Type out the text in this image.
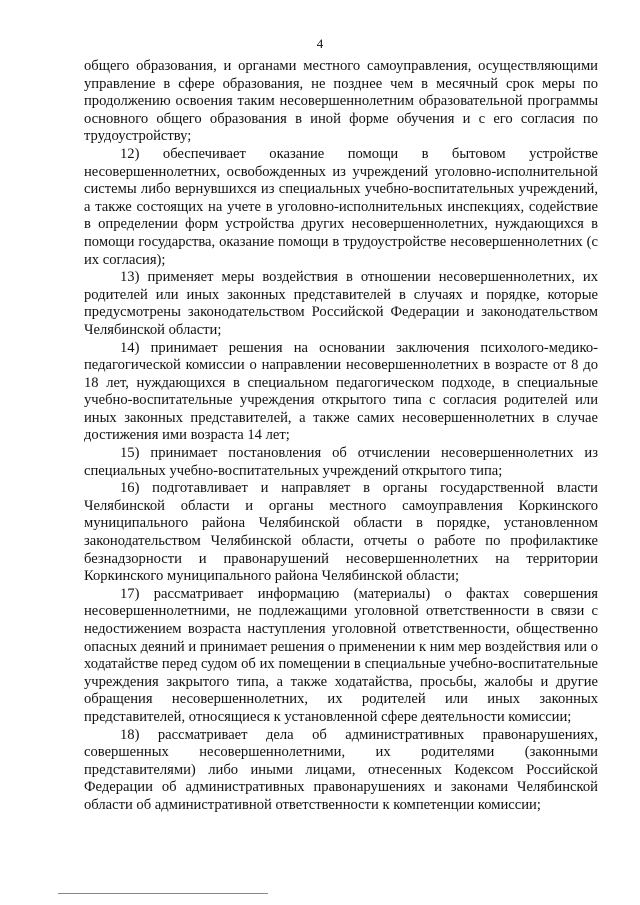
4

общего образования, и органами местного самоуправления, осуществляющими управление в сфере образования, не позднее чем в месячный срок меры по продолжению освоения таким несовершеннолетним образовательной программы основного общего образования в иной форме обучения и с его согласия по трудоустройству;

12) обеспечивает оказание помощи в бытовом устройстве несовершеннолетних, освобожденных из учреждений уголовно-исполнительной системы либо вернувшихся из специальных учебно-воспитательных учреждений, а также состоящих на учете в уголовно-исполнительных инспекциях, содействие в определении форм устройства других несовершеннолетних, нуждающихся в помощи государства, оказание помощи в трудоустройстве несовершеннолетних (с их согласия);

13) применяет меры воздействия в отношении несовершеннолетних, их родителей или иных законных представителей в случаях и порядке, которые предусмотрены законодательством Российской Федерации и законодательством Челябинской области;

14) принимает решения на основании заключения психолого-медико-педагогической комиссии о направлении несовершеннолетних в возрасте от 8 до 18 лет, нуждающихся в специальном педагогическом подходе, в специальные учебно-воспитательные учреждения открытого типа с согласия родителей или иных законных представителей, а также самих несовершеннолетних в случае достижения ими возраста 14 лет;

15) принимает постановления об отчислении несовершеннолетних из специальных учебно-воспитательных учреждений открытого типа;

16) подготавливает и направляет в органы государственной власти Челябинской области и органы местного самоуправления Коркинского муниципального района Челябинской области в порядке, установленном законодательством Челябинской области, отчеты о работе по профилактике безнадзорности и правонарушений несовершеннолетних на территории Коркинского муниципального района Челябинской области;

17) рассматривает информацию (материалы) о фактах совершения несовершеннолетними, не подлежащими уголовной ответственности в связи с недостижением возраста наступления уголовной ответственности, общественно опасных деяний и принимает решения о применении к ним мер воздействия или о ходатайстве перед судом об их помещении в специальные учебно-воспитательные учреждения закрытого типа, а также ходатайства, просьбы, жалобы и другие обращения несовершеннолетних, их родителей или иных законных представителей, относящиеся к установленной сфере деятельности комиссии;

18) рассматривает дела об административных правонарушениях, совершенных несовершеннолетними, их родителями (законными представителями) либо иными лицами, отнесенных Кодексом Российской Федерации об административных правонарушениях и законами Челябинской области об административной ответственности к компетенции комиссии;
